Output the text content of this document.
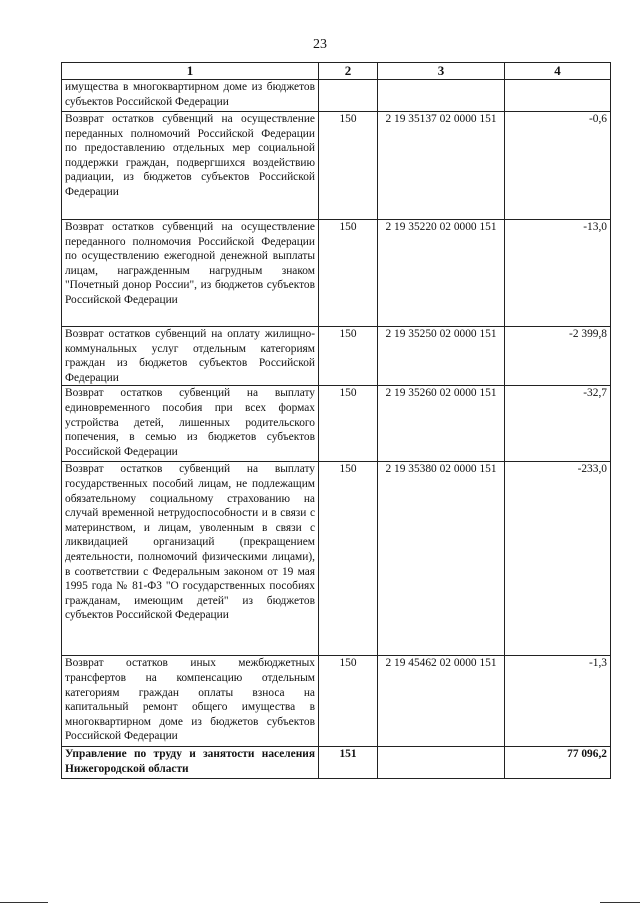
23
1	2	3	4
имущества в многоквартирном доме из бюджетов субъектов Российской Федерации			
Возврат остатков субвенций на осуществление переданных полномочий Российской Федерации по предоставлению отдельных мер социальной поддержки граждан, подвергшихся воздействию радиации, из бюджетов субъектов Российской Федерации	150	2 19 35137 02 0000 151	-0,6
Возврат остатков субвенций на осуществление переданного полномочия Российской Федерации по осуществлению ежегодной денежной выплаты лицам, награжденным нагрудным знаком "Почетный донор России", из бюджетов субъектов Российской Федерации	150	2 19 35220 02 0000 151	-13,0
Возврат остатков субвенций на оплату жилищно-коммунальных услуг отдельным категориям граждан из бюджетов субъектов Российской Федерации	150	2 19 35250 02 0000 151	-2 399,8
Возврат остатков субвенций на выплату единовременного пособия при всех формах устройства детей, лишенных родительского попечения, в семью из бюджетов субъектов Российской Федерации	150	2 19 35260 02 0000 151	-32,7
Возврат остатков субвенций на выплату государственных пособий лицам, не подлежащим обязательному социальному страхованию на случай временной нетрудоспособности и в связи с материнством, и лицам, уволенным в связи с ликвидацией организаций (прекращением деятельности, полномочий физическими лицами), в соответствии с Федеральным законом от 19 мая 1995 года № 81-ФЗ "О государственных пособиях гражданам, имеющим детей" из бюджетов субъектов Российской Федерации	150	2 19 35380 02 0000 151	-233,0
Возврат остатков иных межбюджетных трансфертов на компенсацию отдельным категориям граждан оплаты взноса на капитальный ремонт общего имущества в многоквартирном доме из бюджетов субъектов Российской Федерации	150	2 19 45462 02 0000 151	-1,3
Управление по труду и занятости населения Нижегородской области	151		77 096,2
